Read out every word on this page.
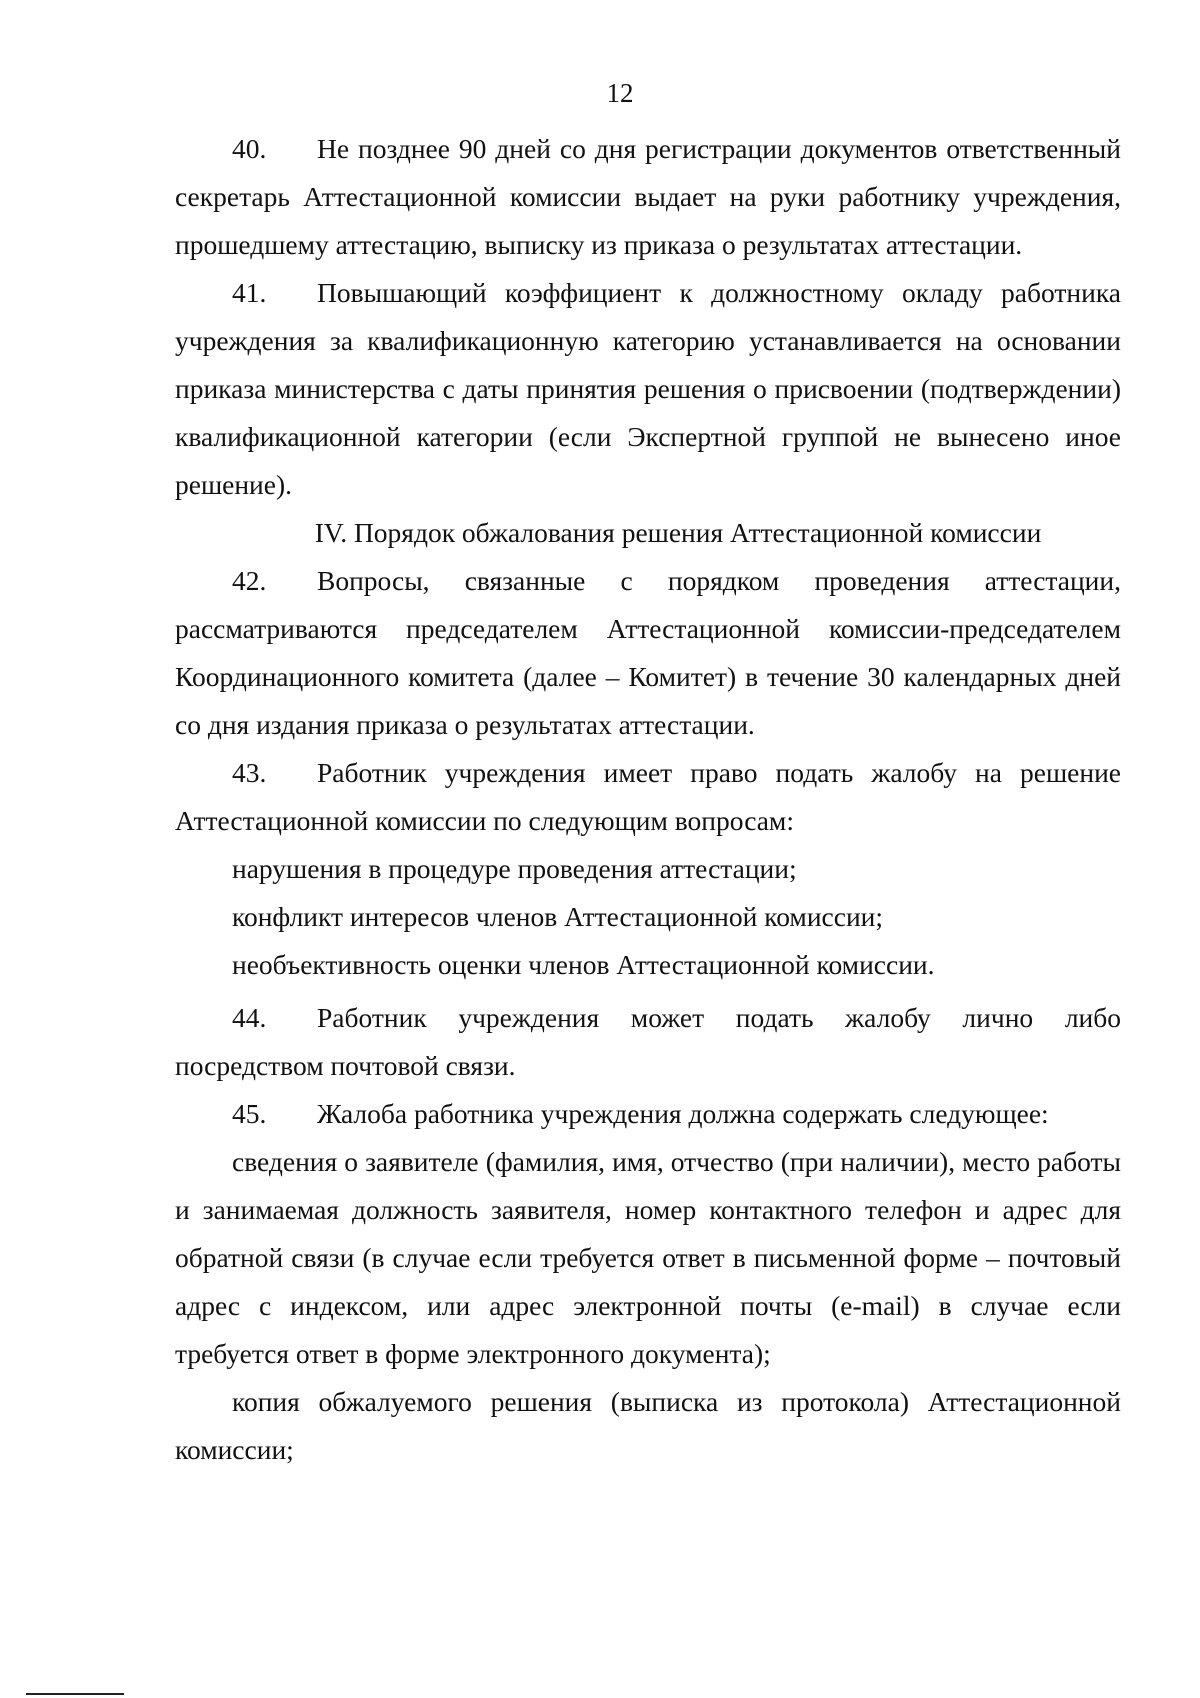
12

40. Не позднее 90 дней со дня регистрации документов ответственный секретарь Аттестационной комиссии выдает на руки работнику учреждения, прошедшему аттестацию, выписку из приказа о результатах аттестации.

41. Повышающий коэффициент к должностному окладу работника учреждения за квалификационную категорию устанавливается на основании приказа министерства с даты принятия решения о присвоении (подтверждении) квалификационной категории (если Экспертной группой не вынесено иное решение).

IV. Порядок обжалования решения Аттестационной комиссии

42. Вопросы, связанные с порядком проведения аттестации, рассматриваются председателем Аттестационной комиссии-председателем Координационного комитета (далее – Комитет) в течение 30 календарных дней со дня издания приказа о результатах аттестации.

43. Работник учреждения имеет право подать жалобу на решение Аттестационной комиссии по следующим вопросам:

нарушения в процедуре проведения аттестации;

конфликт интересов членов Аттестационной комиссии;

необъективность оценки членов Аттестационной комиссии.

44. Работник учреждения может подать жалобу лично либо посредством почтовой связи.

45. Жалоба работника учреждения должна содержать следующее:

сведения о заявителе (фамилия, имя, отчество (при наличии), место работы и занимаемая должность заявителя, номер контактного телефон и адрес для обратной связи (в случае если требуется ответ в письменной форме – почтовый адрес с индексом, или адрес электронной почты (e-mail) в случае если требуется ответ в форме электронного документа);

копия обжалуемого решения (выписка из протокола) Аттестационной комиссии;
